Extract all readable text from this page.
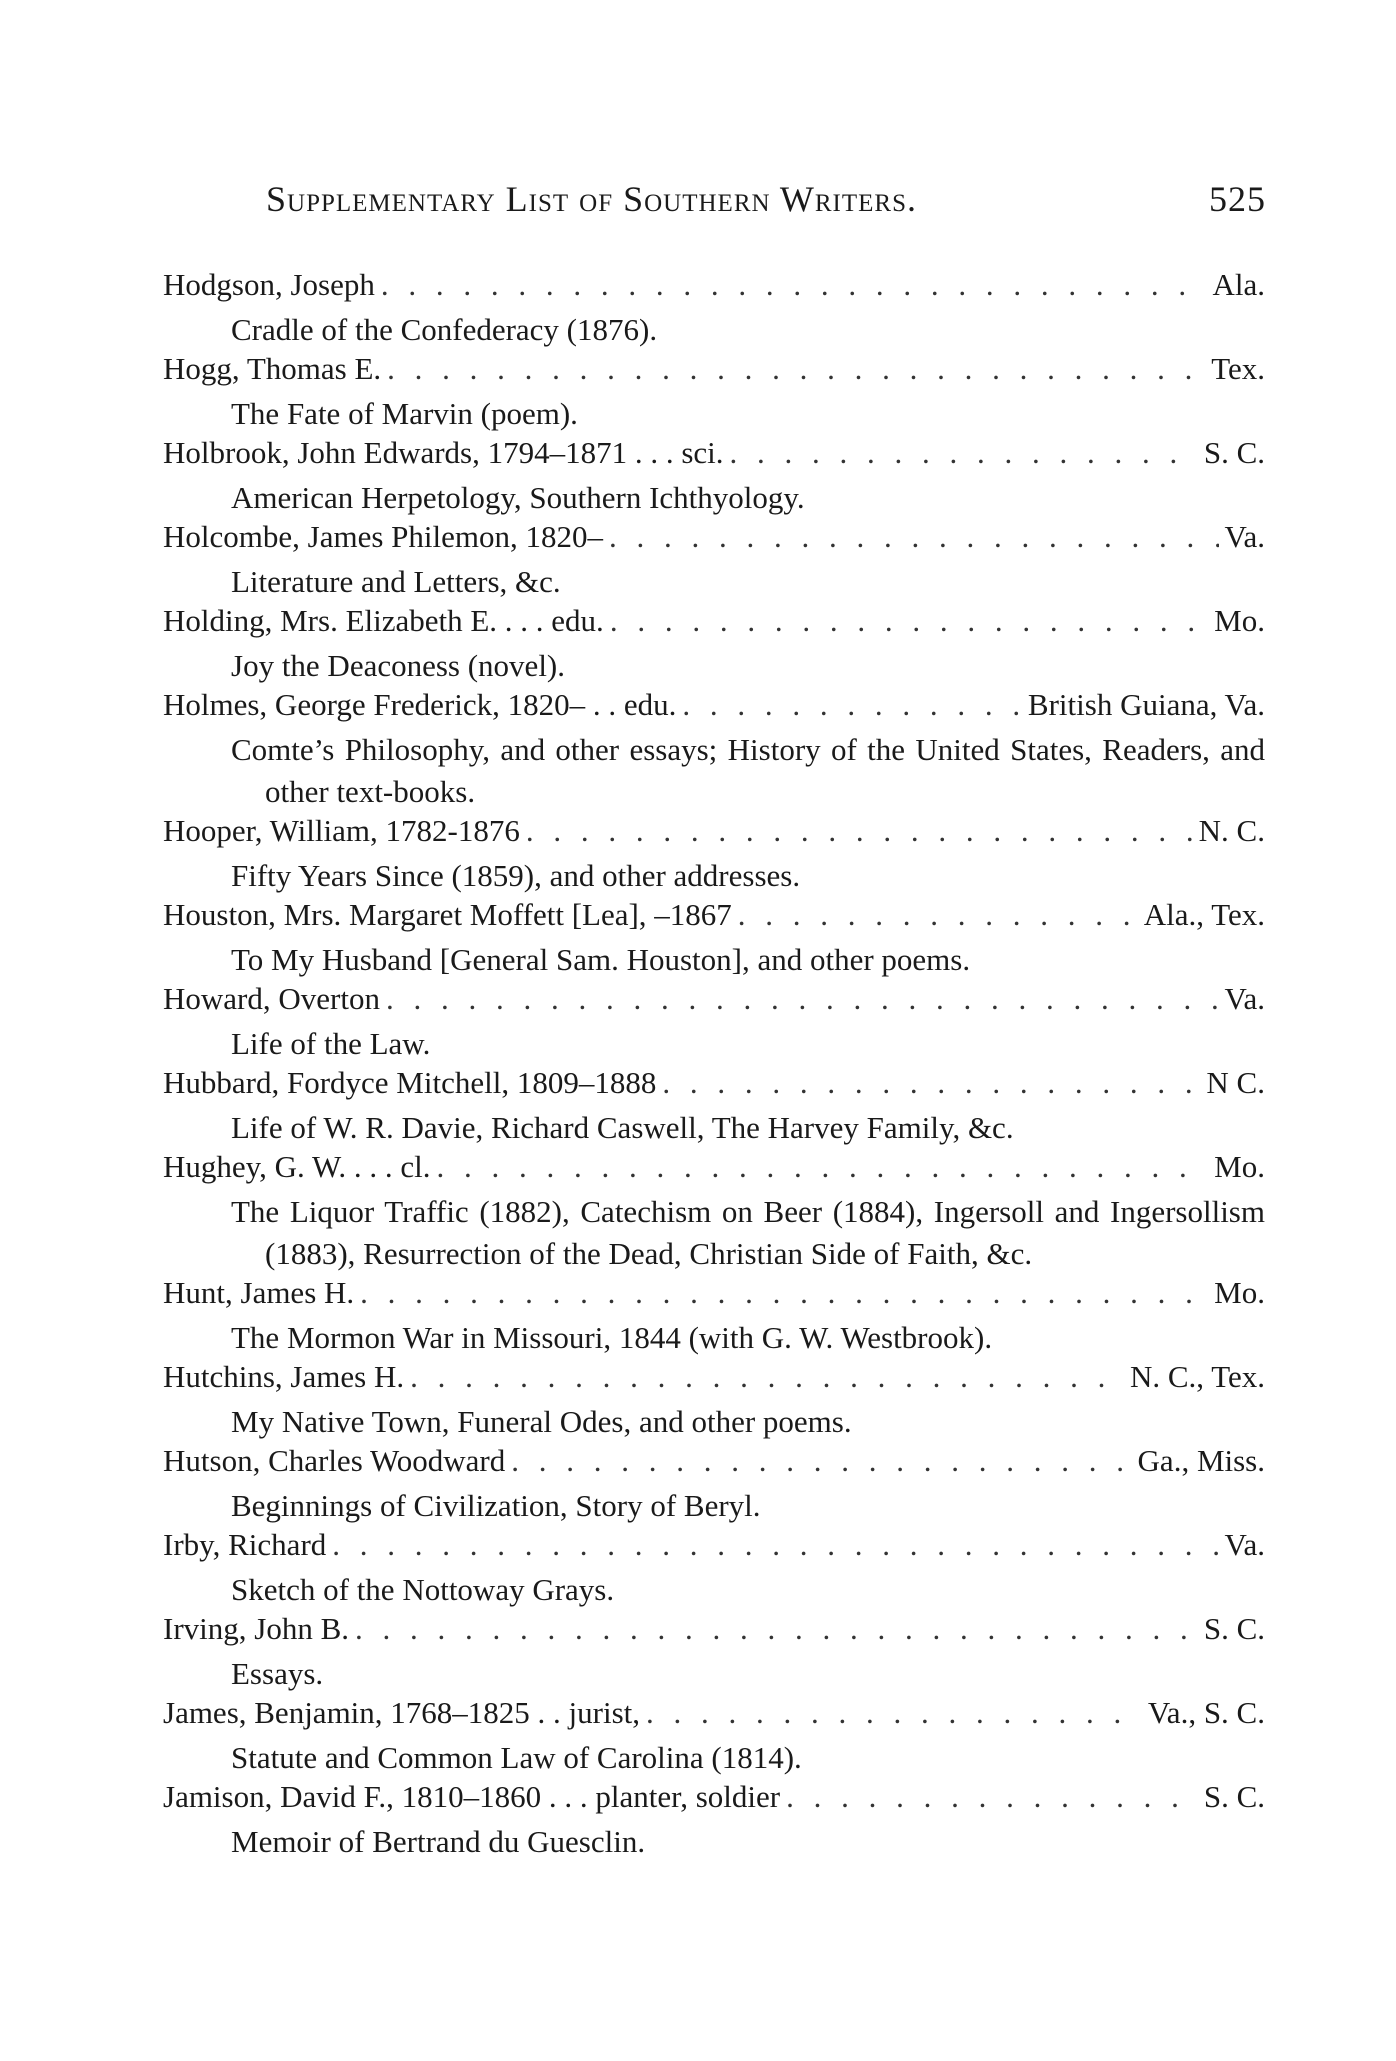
Supplementary List of Southern Writers.	525
Hodgson, Joseph . . .	Ala.
Cradle of the Confederacy (1876).
Hogg, Thomas E. . . .	Tex.
The Fate of Marvin (poem).
Holbrook, John Edwards, 1794–1871 . . . sci. . . .	S. C.
American Herpetology, Southern Ichthyology.
Holcombe, James Philemon, 1820– . . .	Va.
Literature and Letters, &c.
Holding, Mrs. Elizabeth E. . . . edu. . . .	Mo.
Joy the Deaconess (novel).
Holmes, George Frederick, 1820– . . edu. . . .	British Guiana, Va.
Comte’s Philosophy, and other essays; History of the United States, Readers, and other text-books.
Hooper, William, 1782-1876 . . .	N. C.
Fifty Years Since (1859), and other addresses.
Houston, Mrs. Margaret Moffett [Lea], –1867 . . .	Ala., Tex.
To My Husband [General Sam. Houston], and other poems.
Howard, Overton . . .	Va.
Life of the Law.
Hubbard, Fordyce Mitchell, 1809–1888 . . .	N C.
Life of W. R. Davie, Richard Caswell, The Harvey Family, &c.
Hughey, G. W. . . . cl. . . .	Mo.
The Liquor Traffic (1882), Catechism on Beer (1884), Ingersoll and Ingersollism (1883), Resurrection of the Dead, Christian Side of Faith, &c.
Hunt, James H. . . .	Mo.
The Mormon War in Missouri, 1844 (with G. W. Westbrook).
Hutchins, James H. . . .	N. C., Tex.
My Native Town, Funeral Odes, and other poems.
Hutson, Charles Woodward . . .	Ga., Miss.
Beginnings of Civilization, Story of Beryl.
Irby, Richard . . .	Va.
Sketch of the Nottoway Grays.
Irving, John B. . . .	S. C.
Essays.
James, Benjamin, 1768–1825 . . jurist, . . .	Va., S. C.
Statute and Common Law of Carolina (1814).
Jamison, David F., 1810–1860 . . . planter, soldier . . .	S. C.
Memoir of Bertrand du Guesclin.
